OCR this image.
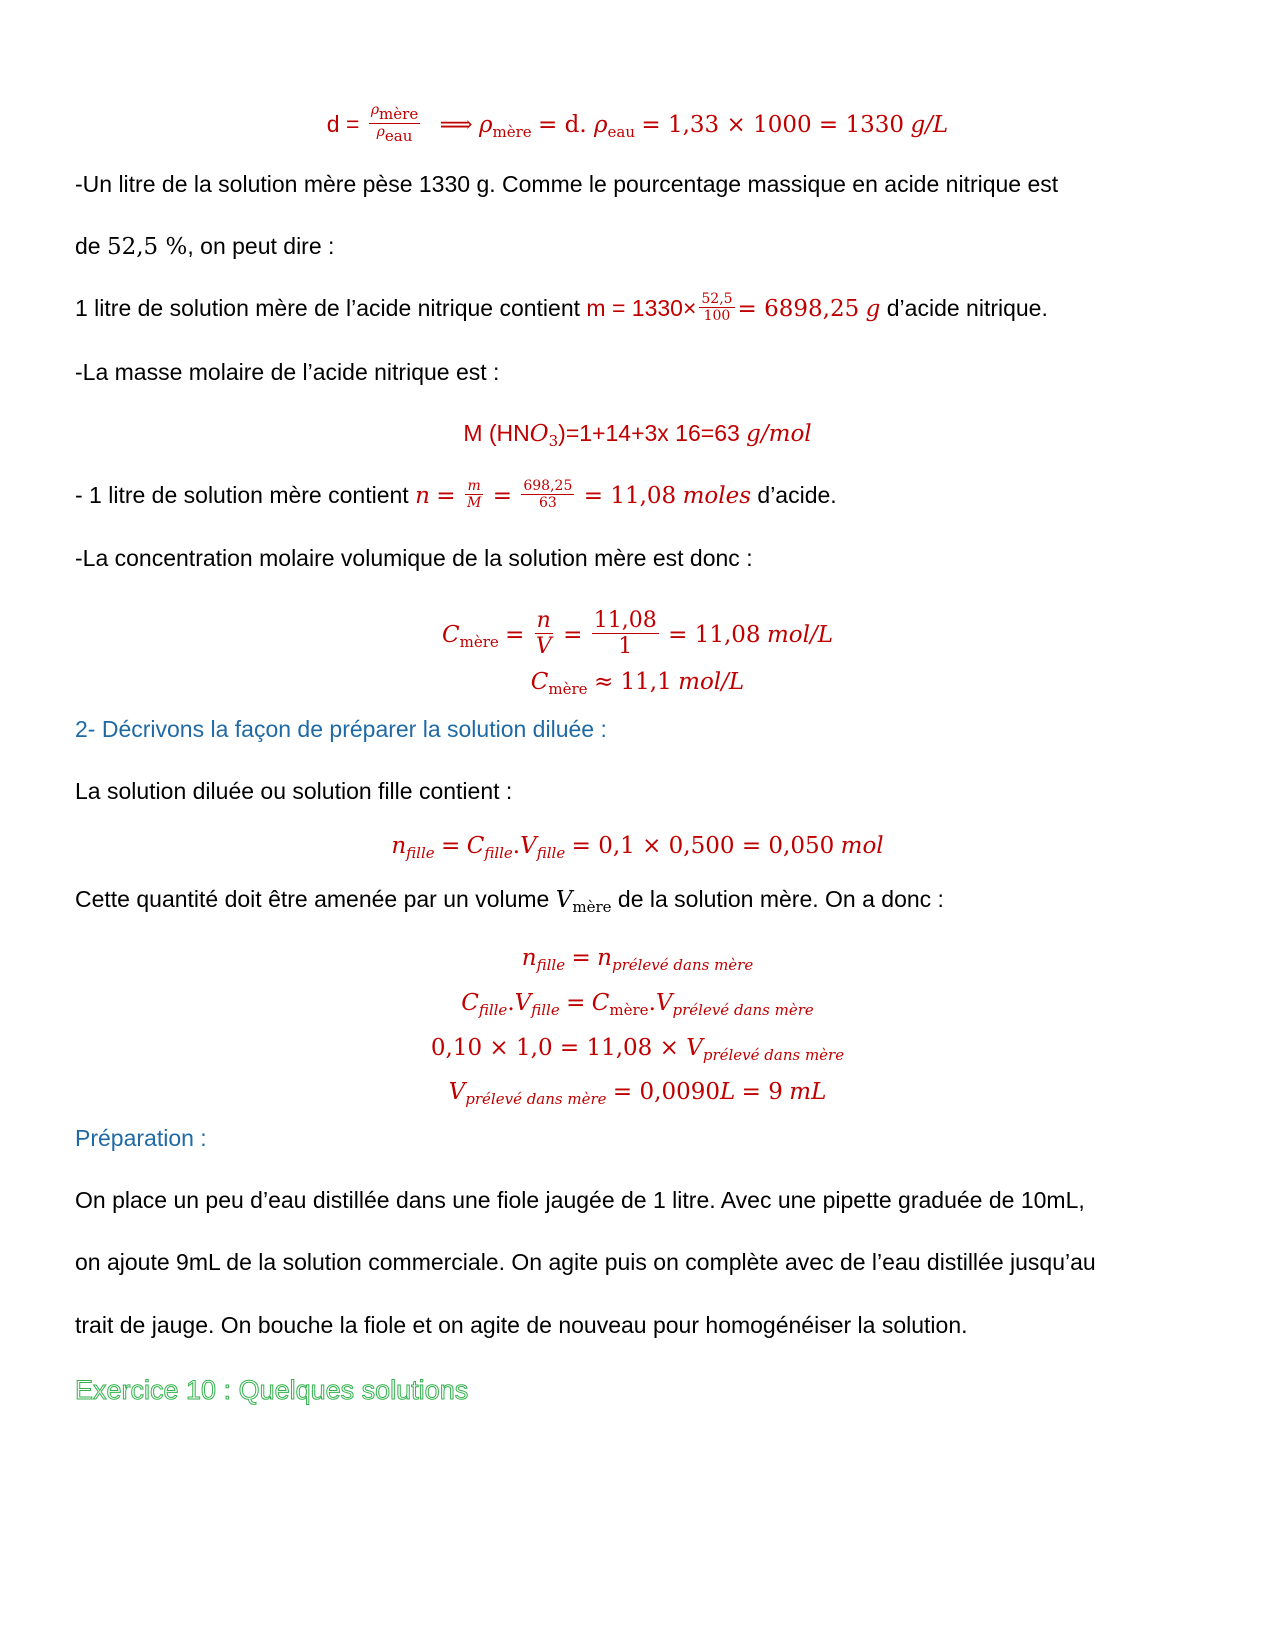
$d = \frac{\rho_{mère}}{\rho_{eau}}$ ⟹ $\rho_{mère} = d$. $\rho_{eau} = 1,33 \times 1000 = 1330$ g/L
-Un litre de la solution mère pèse 1330 g. Comme le pourcentage massique en acide nitrique est
de 52,5 %, on peut dire :
1 litre de solution mère de l’acide nitrique contient $m = 1330\times \frac{52,5}{100} = 6898,25$ g d’acide nitrique.
-La masse molaire de l’acide nitrique est :
M $(HNO_3)=1+14+3x$ 16=63 g/mol
- 1 litre de solution mère contient $n = \frac{m}{M} = \frac{698,25}{63} = 11,08$ moles d’acide.
-La concentration molaire volumique de la solution mère est donc :
$C_{mère} = \frac{n}{V} = \frac{11,08}{1} = 11,08$ mol/L
$C_{mère} \approx 11,1$ mol/L
2- Décrivons la façon de préparer la solution diluée :
La solution diluée ou solution fille contient :
$n_{fille} = C_{fille}.V_{fille} = 0,1 \times 0,500 = 0,050$ mol
Cette quantité doit être amenée par un volume $V_{mère}$ de la solution mère. On a donc :
$n_{fille} = n_{prélevé dans mère}$
$C_{fille}.V_{fille} = C_{mère}.V_{prélevé dans mère}$
$0,10 \times 1,0 = 11,08 \times V_{prélevé dans mère}$
$V_{prélevé dans mère} = 0,0090L = 9$ mL
Préparation :
On place un peu d’eau distillée dans une fiole jaugée de 1 litre. Avec une pipette graduée de 10mL,
on ajoute 9mL de la solution commerciale. On agite puis on complète avec de l’eau distillée jusqu’au
trait de jauge. On bouche la fiole et on agite de nouveau pour homogénéiser la solution.
Exercice 10 : Quelques solutions
